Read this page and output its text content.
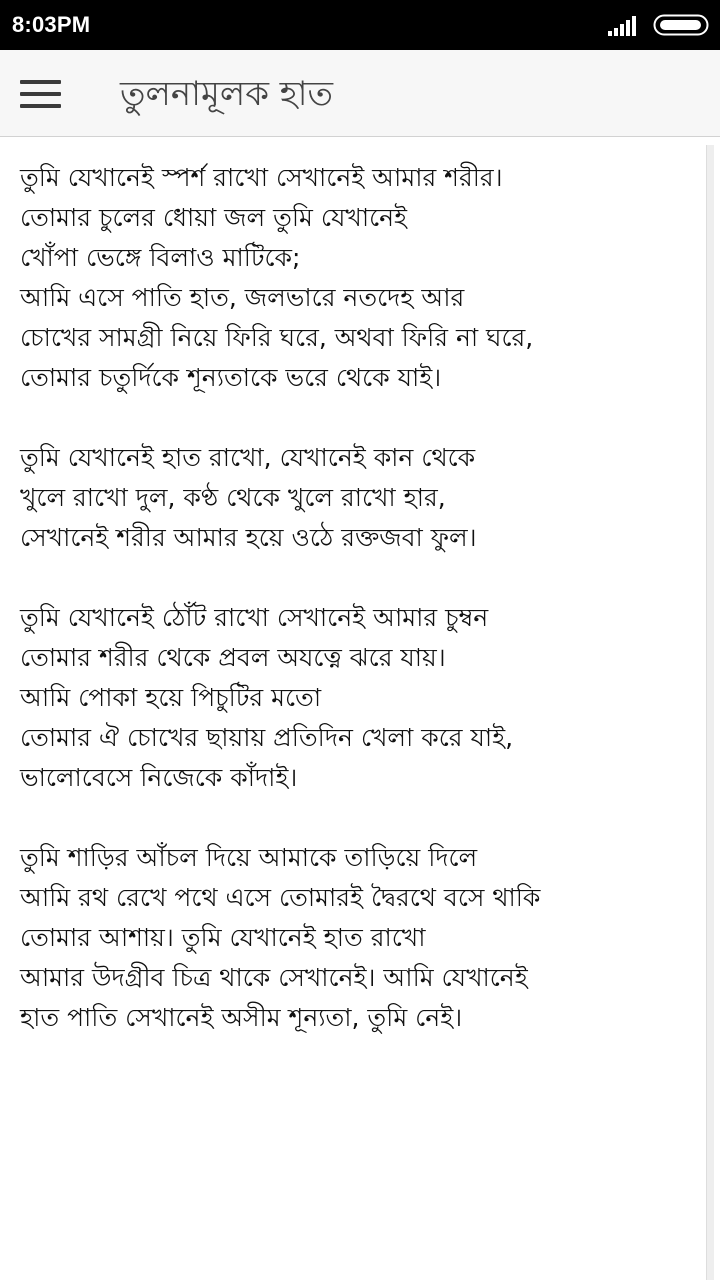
8:03PM
তুলনামূলক হাত
তুমি যেখানেই স্পর্শ রাখো সেখানেই আমার শরীর।
তোমার চুলের ধোয়া জল তুমি যেখানেই
খোঁপা ভেঙ্গে বিলাও মাটিকে;
আমি এসে পাতি হাত, জলভারে নতদেহ আর
চোখের সামগ্রী নিয়ে ফিরি ঘরে, অথবা ফিরি না ঘরে,
তোমার চতুর্দিকে শূন্যতাকে ভরে থেকে যাই।
তুমি যেখানেই হাত রাখো, যেখানেই কান থেকে
খুলে রাখো দুল, কণ্ঠ থেকে খুলে রাখো হার,
সেখানেই শরীর আমার হয়ে ওঠে রক্তজবা ফুল।
তুমি যেখানেই ঠোঁট রাখো সেখানেই আমার চুম্বন
তোমার শরীর থেকে প্রবল অযত্নে ঝরে যায়।
আমি পোকা হয়ে পিচুটির মতো
তোমার ঐ চোখের ছায়ায় প্রতিদিন খেলা করে যাই,
ভালোবেসে নিজেকে কাঁদাই।
তুমি শাড়ির আঁচল দিয়ে আমাকে তাড়িয়ে দিলে
আমি রথ রেখে পথে এসে তোমারই দ্বৈরথে বসে থাকি
তোমার আশায়। তুমি যেখানেই হাত রাখো
আমার উদগ্রীব চিত্র থাকে সেখানেই। আমি যেখানেই
হাত পাতি সেখানেই অসীম শূন্যতা, তুমি নেই।
